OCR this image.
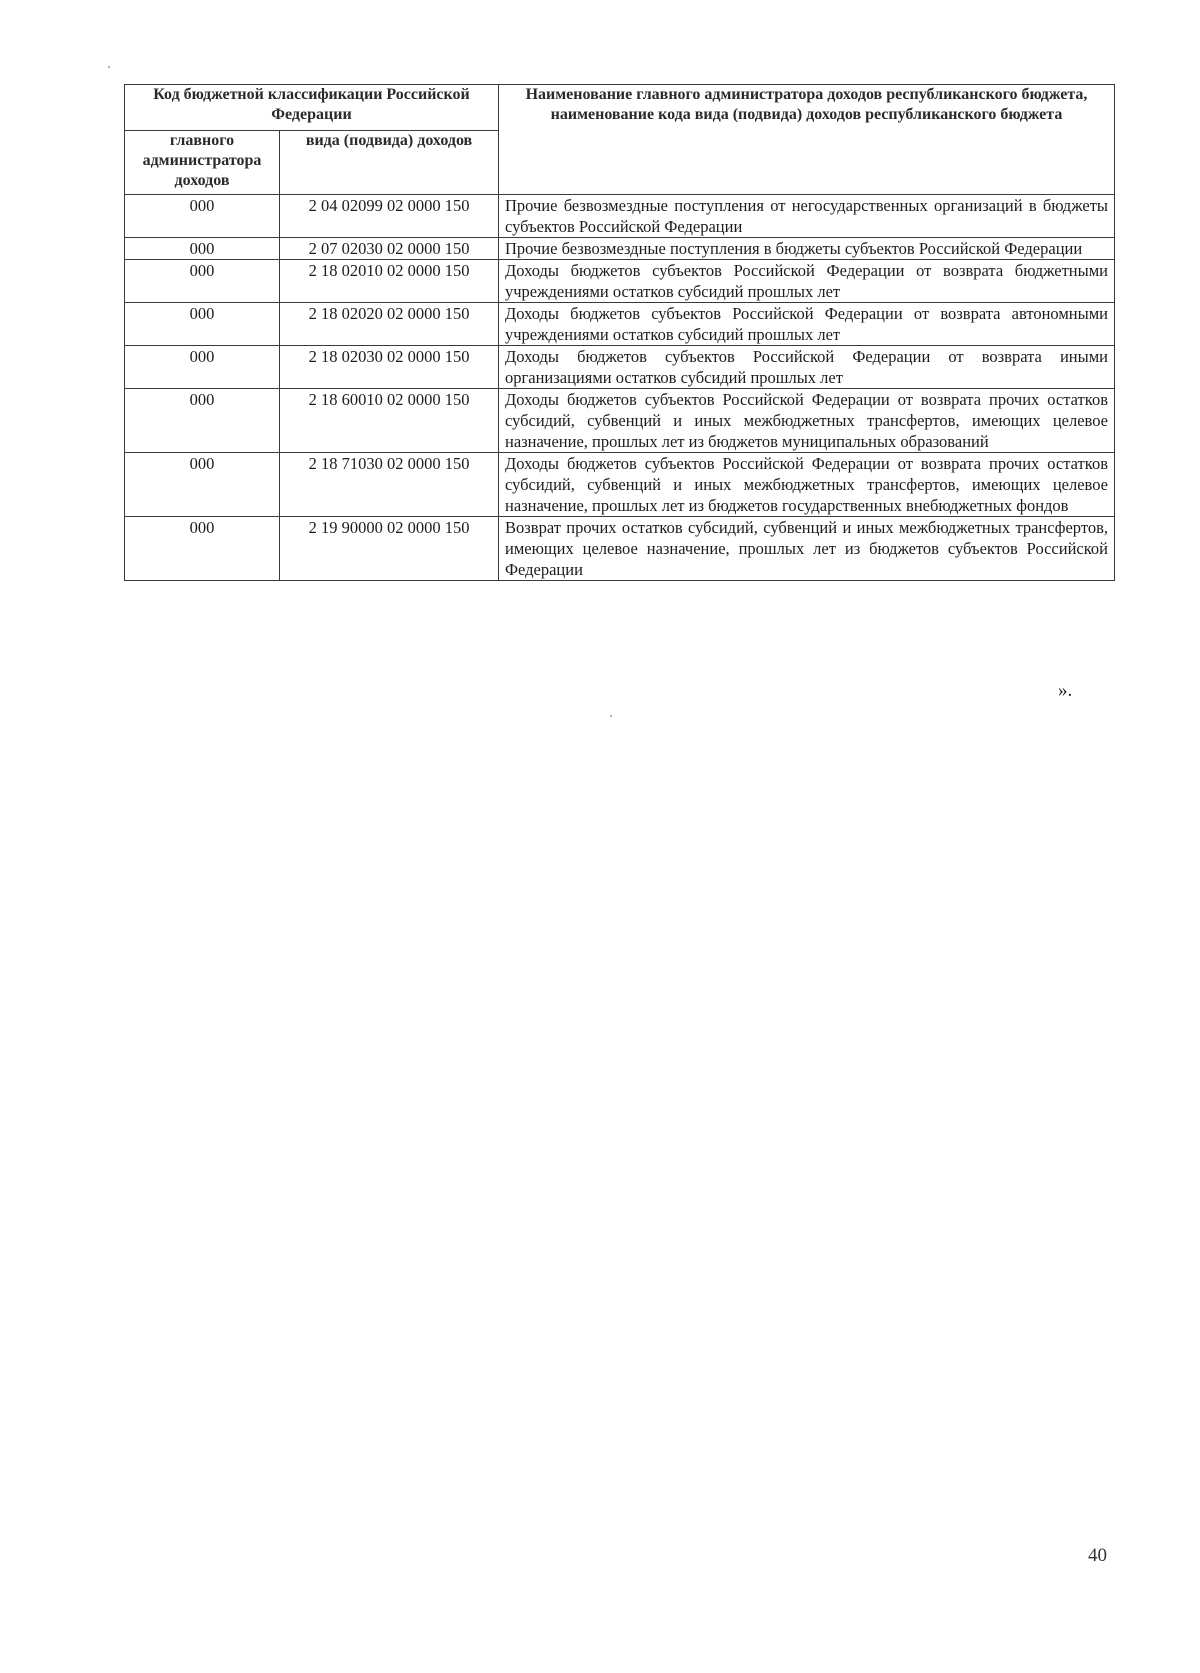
Код бюджетной классификации Российской Федерации		Наименование главного администратора доходов республиканского бюджета, наименование кода вида (подвида) доходов республиканского бюджета
главного администратора доходов	вида (подвида) доходов	
000	2 04 02099 02 0000 150	Прочие безвозмездные поступления от негосударственных организаций в бюджеты субъектов Российской Федерации
000	2 07 02030 02 0000 150	Прочие безвозмездные поступления в бюджеты субъектов Российской Федерации
000	2 18 02010 02 0000 150	Доходы бюджетов субъектов Российской Федерации от возврата бюджетными учреждениями остатков субсидий прошлых лет
000	2 18 02020 02 0000 150	Доходы бюджетов субъектов Российской Федерации от возврата автономными учреждениями остатков субсидий прошлых лет
000	2 18 02030 02 0000 150	Доходы бюджетов субъектов Российской Федерации от возврата иными организациями остатков субсидий прошлых лет
000	2 18 60010 02 0000 150	Доходы бюджетов субъектов Российской Федерации от возврата прочих остатков субсидий, субвенций и иных межбюджетных трансфертов, имеющих целевое назначение, прошлых лет из бюджетов муниципальных образований
000	2 18 71030 02 0000 150	Доходы бюджетов субъектов Российской Федерации от возврата прочих остатков субсидий, субвенций и иных межбюджетных трансфертов, имеющих целевое назначение, прошлых лет из бюджетов государственных внебюджетных фондов
000	2 19 90000 02 0000 150	Возврат прочих остатков субсидий, субвенций и иных межбюджетных трансфертов, имеющих целевое назначение, прошлых лет из бюджетов субъектов Российской Федерации
».
40
